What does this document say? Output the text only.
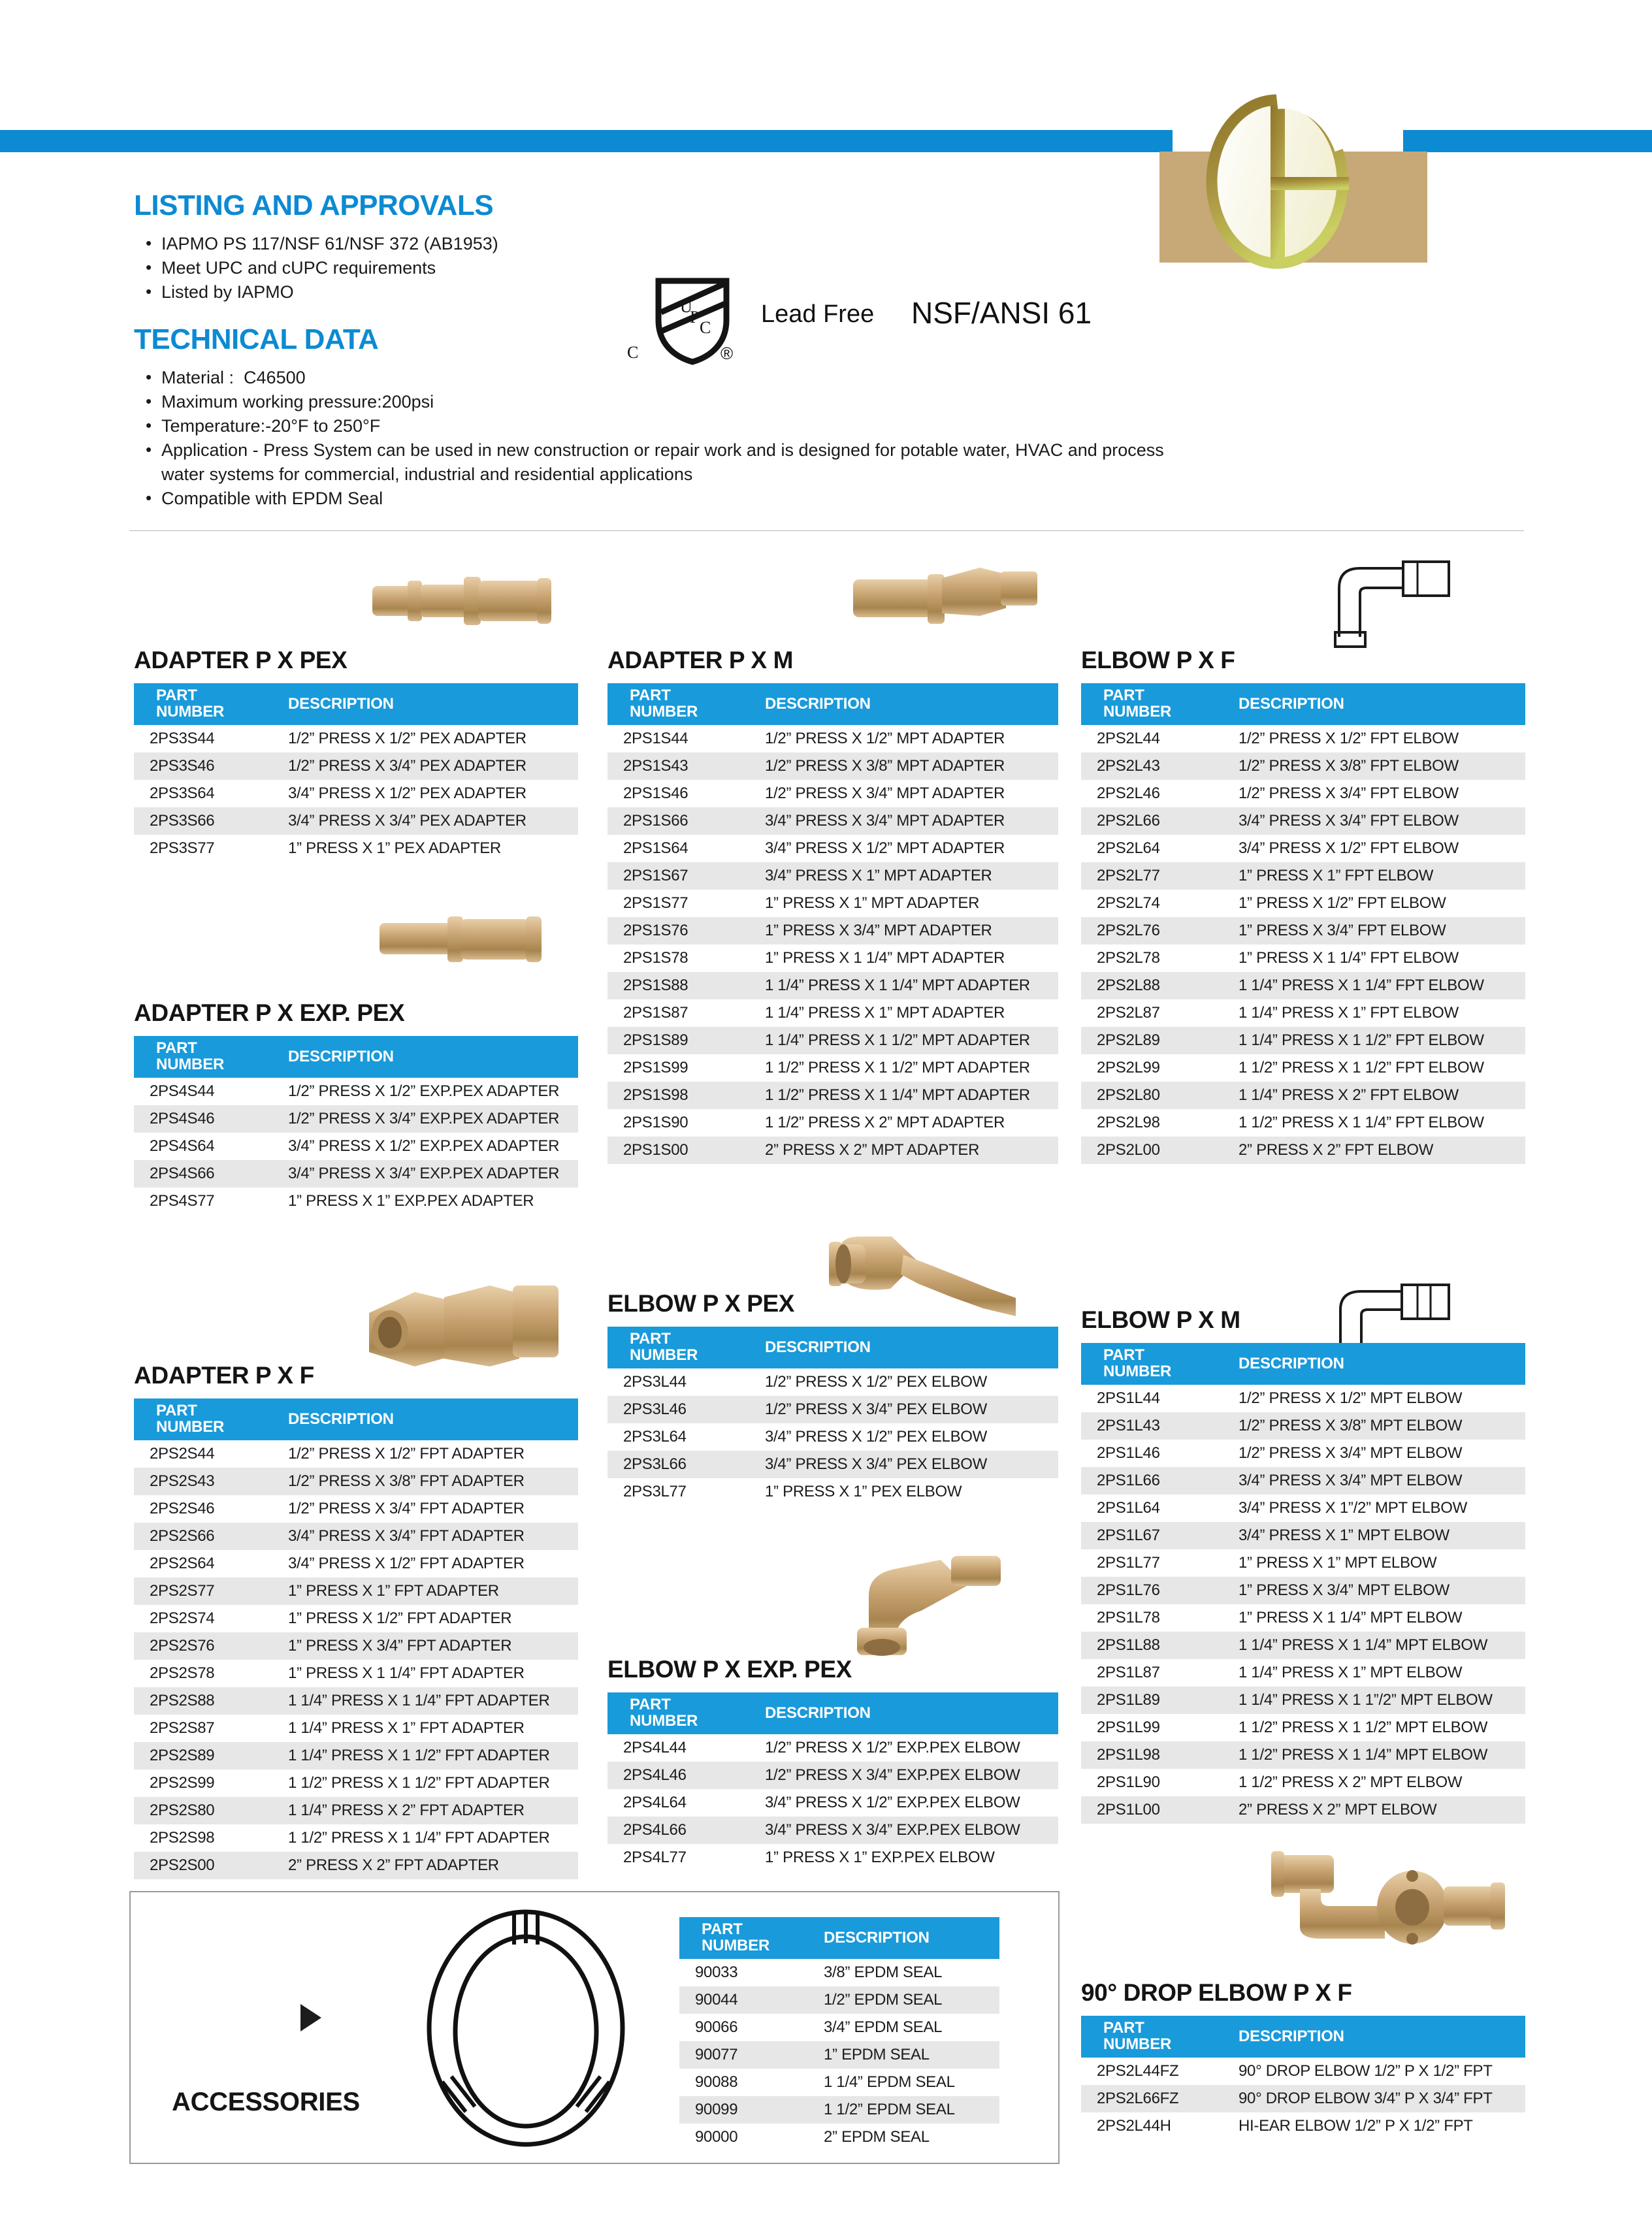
LISTING AND APPROVALS
• IAPMO PS 117/NSF 61/NSF 372 (AB1953)
• Meet UPC and cUPC requirements
• Listed by IAPMO
U
P
C
C	®
Lead Free NSF/ANSI 61
TECHNICAL DATA
• Material :  C46500
• Maximum working pressure:200psi
• Temperature:-20°F to 250°F
• Application - Press System can be used in new construction or repair work and is designed for potable water, HVAC and process
water systems for commercial, industrial and residential applications
• Compatible with EPDM Seal
ADAPTER P X PEX
PART
NUMBER	DESCRIPTION
2PS3S44	1/2” PRESS X 1/2” PEX ADAPTER
2PS3S46	1/2” PRESS X 3/4” PEX ADAPTER
2PS3S64	3/4” PRESS X 1/2” PEX ADAPTER
2PS3S66	3/4” PRESS X 3/4” PEX ADAPTER
2PS3S77	1” PRESS X 1” PEX ADAPTER
ADAPTER P X EXP. PEX
PART
NUMBER	DESCRIPTION
2PS4S44	1/2” PRESS X 1/2” EXP.PEX ADAPTER
2PS4S46	1/2” PRESS X 3/4” EXP.PEX ADAPTER
2PS4S64	3/4” PRESS X 1/2” EXP.PEX ADAPTER
2PS4S66	3/4” PRESS X 3/4” EXP.PEX ADAPTER
2PS4S77	1” PRESS X 1” EXP.PEX ADAPTER
ADAPTER P X F
PART
NUMBER	DESCRIPTION
2PS2S44	1/2” PRESS X 1/2” FPT ADAPTER
2PS2S43	1/2” PRESS X 3/8” FPT ADAPTER
2PS2S46	1/2” PRESS X 3/4” FPT ADAPTER
2PS2S66	3/4” PRESS X 3/4” FPT ADAPTER
2PS2S64	3/4” PRESS X 1/2” FPT ADAPTER
2PS2S77	1” PRESS X 1” FPT ADAPTER
2PS2S74	1” PRESS X 1/2” FPT ADAPTER
2PS2S76	1” PRESS X 3/4” FPT ADAPTER
2PS2S78	1” PRESS X 1 1/4” FPT ADAPTER
2PS2S88	1 1/4” PRESS X 1 1/4” FPT ADAPTER
2PS2S87	1 1/4” PRESS X 1” FPT ADAPTER
2PS2S89	1 1/4” PRESS X 1 1/2” FPT ADAPTER
2PS2S99	1 1/2” PRESS X 1 1/2” FPT ADAPTER
2PS2S80	1 1/4” PRESS X 2” FPT ADAPTER
2PS2S98	1 1/2” PRESS X 1 1/4” FPT ADAPTER
2PS2S00	2” PRESS X 2” FPT ADAPTER
ADAPTER P X M
PART
NUMBER	DESCRIPTION
2PS1S44	1/2” PRESS X 1/2” MPT ADAPTER
2PS1S43	1/2” PRESS X 3/8” MPT ADAPTER
2PS1S46	1/2” PRESS X 3/4” MPT ADAPTER
2PS1S66	3/4” PRESS X 3/4” MPT ADAPTER
2PS1S64	3/4” PRESS X 1/2” MPT ADAPTER
2PS1S67	3/4” PRESS X 1” MPT ADAPTER
2PS1S77	1” PRESS X 1” MPT ADAPTER
2PS1S76	1” PRESS X 3/4” MPT ADAPTER
2PS1S78	1” PRESS X 1 1/4” MPT ADAPTER
2PS1S88	1 1/4” PRESS X 1 1/4” MPT ADAPTER
2PS1S87	1 1/4” PRESS X 1” MPT ADAPTER
2PS1S89	1 1/4” PRESS X 1 1/2” MPT ADAPTER
2PS1S99	1 1/2” PRESS X 1 1/2” MPT ADAPTER
2PS1S98	1 1/2” PRESS X 1 1/4” MPT ADAPTER
2PS1S90	1 1/2” PRESS X 2” MPT ADAPTER
2PS1S00	2” PRESS X 2” MPT ADAPTER
ELBOW P X PEX
PART
NUMBER	DESCRIPTION
2PS3L44	1/2” PRESS X 1/2” PEX ELBOW
2PS3L46	1/2” PRESS X 3/4” PEX ELBOW
2PS3L64	3/4” PRESS X 1/2” PEX ELBOW
2PS3L66	3/4” PRESS X 3/4” PEX ELBOW
2PS3L77	1” PRESS X 1” PEX ELBOW
ELBOW P X EXP. PEX
PART
NUMBER	DESCRIPTION
2PS4L44	1/2” PRESS X 1/2” EXP.PEX ELBOW
2PS4L46	1/2” PRESS X 3/4” EXP.PEX ELBOW
2PS4L64	3/4” PRESS X 1/2” EXP.PEX ELBOW
2PS4L66	3/4” PRESS X 3/4” EXP.PEX ELBOW
2PS4L77	1” PRESS X 1” EXP.PEX ELBOW
ELBOW P X F
PART
NUMBER	DESCRIPTION
2PS2L44	1/2” PRESS X 1/2” FPT ELBOW
2PS2L43	1/2” PRESS X 3/8” FPT ELBOW
2PS2L46	1/2” PRESS X 3/4” FPT ELBOW
2PS2L66	3/4” PRESS X 3/4” FPT ELBOW
2PS2L64	3/4” PRESS X 1/2” FPT ELBOW
2PS2L77	1” PRESS X 1” FPT ELBOW
2PS2L74	1” PRESS X 1/2” FPT ELBOW
2PS2L76	1” PRESS X 3/4” FPT ELBOW
2PS2L78	1” PRESS X 1 1/4” FPT ELBOW
2PS2L88	1 1/4” PRESS X 1 1/4” FPT ELBOW
2PS2L87	1 1/4” PRESS X 1” FPT ELBOW
2PS2L89	1 1/4” PRESS X 1 1/2” FPT ELBOW
2PS2L99	1 1/2” PRESS X 1 1/2” FPT ELBOW
2PS2L80	1 1/4” PRESS X 2” FPT ELBOW
2PS2L98	1 1/2” PRESS X 1 1/4” FPT ELBOW
2PS2L00	2” PRESS X 2” FPT ELBOW
ELBOW P X M
PART
NUMBER	DESCRIPTION
2PS1L44	1/2” PRESS X 1/2” MPT ELBOW
2PS1L43	1/2” PRESS X 3/8” MPT ELBOW
2PS1L46	1/2” PRESS X 3/4” MPT ELBOW
2PS1L66	3/4” PRESS X 3/4” MPT ELBOW
2PS1L64	3/4” PRESS X 1”/2” MPT ELBOW
2PS1L67	3/4” PRESS X 1” MPT ELBOW
2PS1L77	1” PRESS X 1” MPT ELBOW
2PS1L76	1” PRESS X 3/4” MPT ELBOW
2PS1L78	1” PRESS X 1 1/4” MPT ELBOW
2PS1L88	1 1/4” PRESS X 1 1/4” MPT ELBOW
2PS1L87	1 1/4” PRESS X 1” MPT ELBOW
2PS1L89	1 1/4” PRESS X 1 1”/2” MPT ELBOW
2PS1L99	1 1/2” PRESS X 1 1/2” MPT ELBOW
2PS1L98	1 1/2” PRESS X 1 1/4” MPT ELBOW
2PS1L90	1 1/2” PRESS X 2” MPT ELBOW
2PS1L00	2” PRESS X 2” MPT ELBOW
90° DROP ELBOW P X F
PART
NUMBER	DESCRIPTION
2PS2L44FZ	90° DROP ELBOW 1/2” P X 1/2” FPT
2PS2L66FZ	90° DROP ELBOW 3/4” P X 3/4” FPT
2PS2L44H	HI-EAR ELBOW 1/2” P X 1/2” FPT
ACCESSORIES
PART
NUMBER	DESCRIPTION
90033	3/8” EPDM SEAL
90044	1/2” EPDM SEAL
90066	3/4” EPDM SEAL
90077	1” EPDM SEAL
90088	1 1/4” EPDM SEAL
90099	1 1/2” EPDM SEAL
90000	2” EPDM SEAL
